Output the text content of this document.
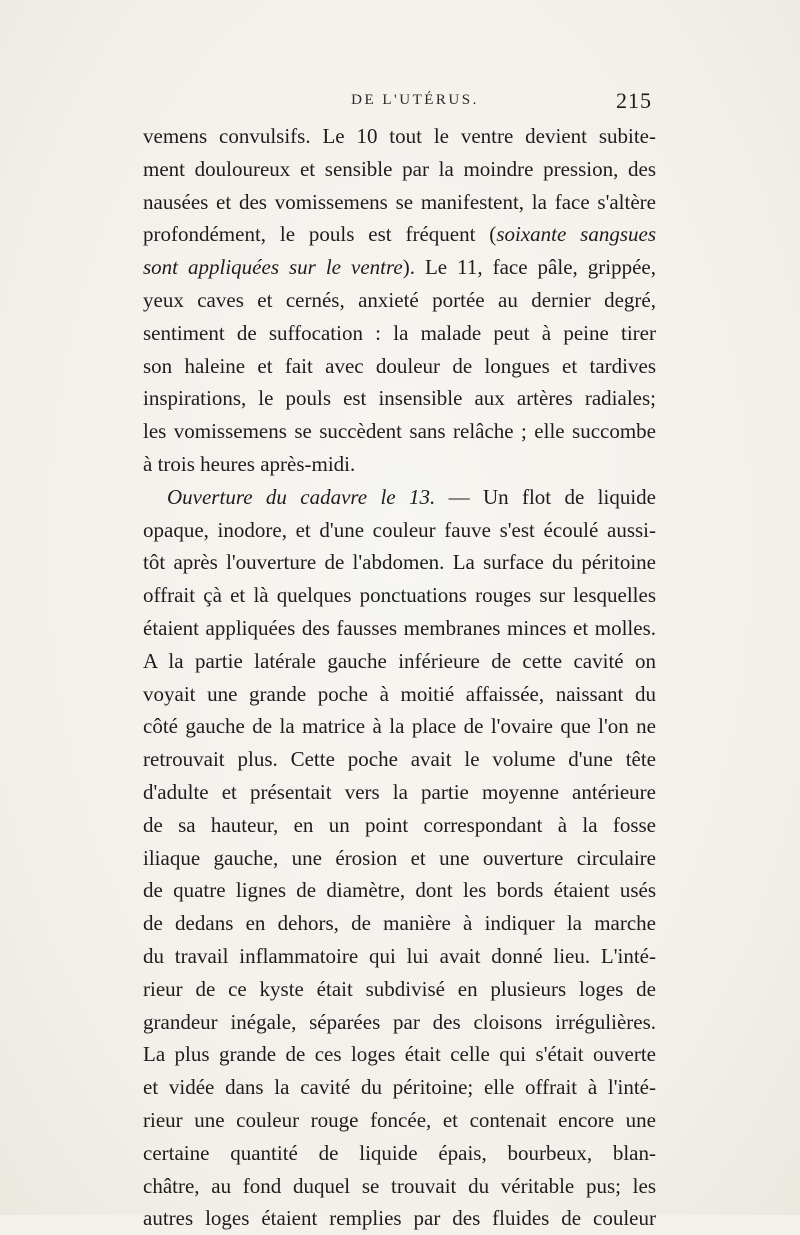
DE L'UTÉRUS.	215
vemens convulsifs. Le 10 tout le ventre devient subite-
ment douloureux et sensible par la moindre pression, des
nausées et des vomissemens se manifestent, la face s'altère
profondément, le pouls est fréquent (soixante sangsues
sont appliquées sur le ventre). Le 11, face pâle, grippée,
yeux caves et cernés, anxieté portée au dernier degré,
sentiment de suffocation : la malade peut à peine tirer
son haleine et fait avec douleur de longues et tardives
inspirations, le pouls est insensible aux artères radiales;
les vomissemens se succèdent sans relâche ; elle succombe
à trois heures après-midi.
Ouverture du cadavre le 13. — Un flot de liquide
opaque, inodore, et d'une couleur fauve s'est écoulé aussi-
tôt après l'ouverture de l'abdomen. La surface du péritoine
offrait çà et là quelques ponctuations rouges sur lesquelles
étaient appliquées des fausses membranes minces et molles.
A la partie latérale gauche inférieure de cette cavité on
voyait une grande poche à moitié affaissée, naissant du
côté gauche de la matrice à la place de l'ovaire que l'on ne
retrouvait plus. Cette poche avait le volume d'une tête
d'adulte et présentait vers la partie moyenne antérieure
de sa hauteur, en un point correspondant à la fosse
iliaque gauche, une érosion et une ouverture circulaire
de quatre lignes de diamètre, dont les bords étaient usés
de dedans en dehors, de manière à indiquer la marche
du travail inflammatoire qui lui avait donné lieu. L'inté-
rieur de ce kyste était subdivisé en plusieurs loges de
grandeur inégale, séparées par des cloisons irrégulières.
La plus grande de ces loges était celle qui s'était ouverte
et vidée dans la cavité du péritoine; elle offrait à l'inté-
rieur une couleur rouge foncée, et contenait encore une
certaine quantité de liquide épais, bourbeux, blan-
châtre, au fond duquel se trouvait du véritable pus; les
autres loges étaient remplies par des fluides de couleur
